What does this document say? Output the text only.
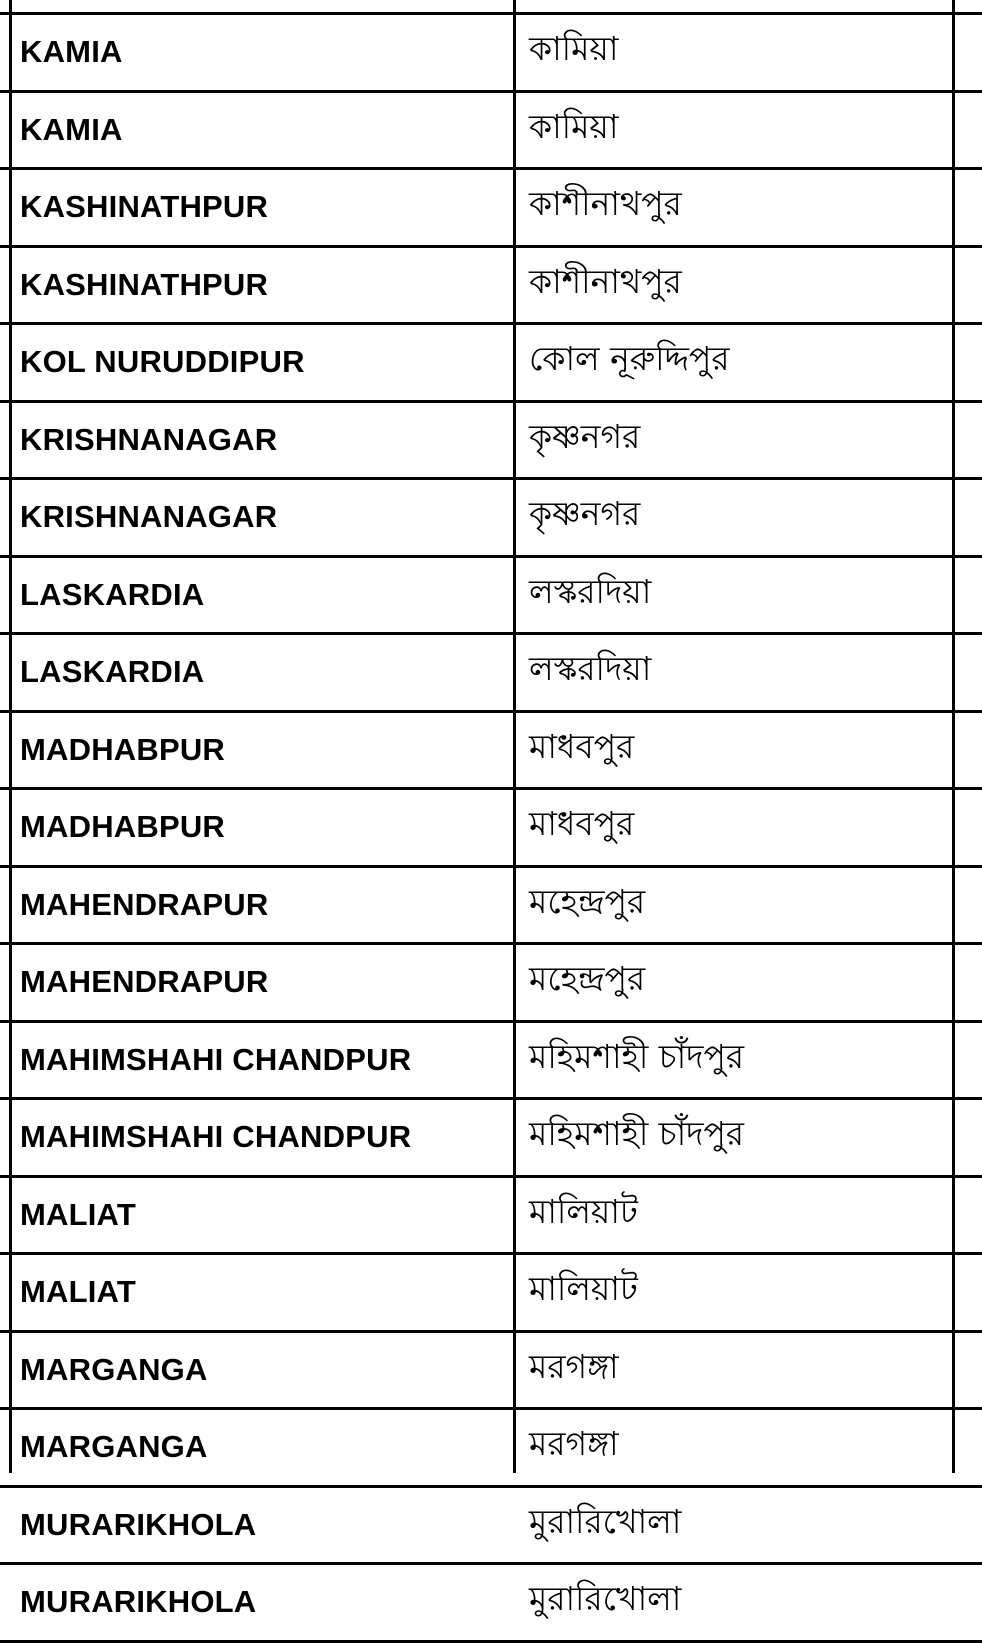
	KAMIA	কামিয়া	
	KAMIA	কামিয়া	
	KASHINATHPUR	কাশীনাথপুর	
	KASHINATHPUR	কাশীনাথপুর	
	KOL NURUDDIPUR	কোল নূরুদ্দিপুর	
	KRISHNANAGAR	কৃষ্ণনগর	
	KRISHNANAGAR	কৃষ্ণনগর	
	LASKARDIA	লস্করদিয়া	
	LASKARDIA	লস্করদিয়া	
	MADHABPUR	মাধবপুর	
	MADHABPUR	মাধবপুর	
	MAHENDRAPUR	মহেন্দ্রপুর	
	MAHENDRAPUR	মহেন্দ্রপুর	
	MAHIMSHAHI CHANDPUR	মহিমশাহী চাঁদপুর	
	MAHIMSHAHI CHANDPUR	মহিমশাহী চাঁদপুর	
	MALIAT	মালিয়াট	
	MALIAT	মালিয়াট	
	MARGANGA	মরগঙ্গা	
	MARGANGA	মরগঙ্গা	
	MURARIKHOLA	মুরারিখোলা	
	MURARIKHOLA	মুরারিখোলা	
